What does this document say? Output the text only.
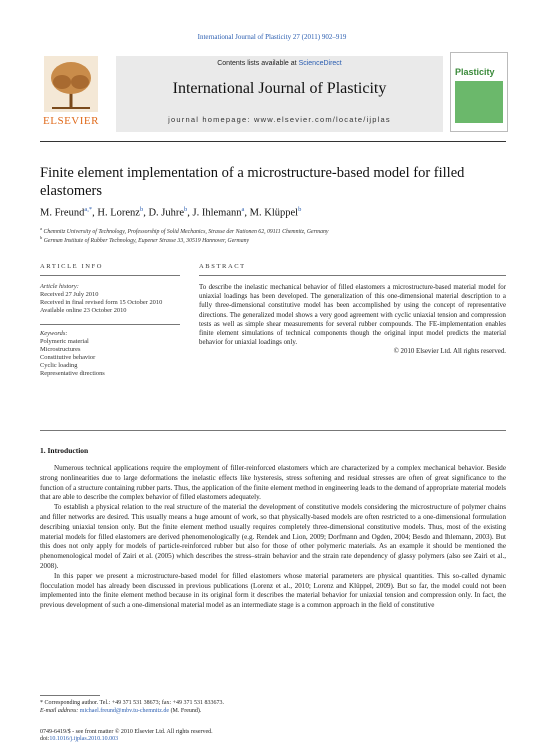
International Journal of Plasticity 27 (2011) 902–919
ELSEVIER
Contents lists available at ScienceDirect
International Journal of Plasticity
journal homepage: www.elsevier.com/locate/ijplas
Plasticity
Finite element implementation of a microstructure-based model for filled elastomers
M. Freund$^{a,*}$, H. Lorenz$^b$, D. Juhre$^b$, J. Ihlemann$^a$, M. Klüppel$^b$
$^a$ Chemnitz University of Technology, Professorship of Solid Mechanics, Strasse der Nationen 62, 09111 Chemnitz, Germany
$^b$ German Institute of Rubber Technology, Eupener Strasse 33, 30519 Hannover, Germany
ARTICLE INFO	ABSTRACT
Article history:
Received 27 July 2010
Received in final revised form 15 October 2010
Available online 23 October 2010
Keywords:
Polymeric material
Microstructures
Constitutive behavior
Cyclic loading
Representative directions
To describe the inelastic mechanical behavior of filled elastomers a microstructure-based material model for uniaxial loadings has been developed. The generalization of this one-dimensional material description to a fully three-dimensional constitutive model has been accomplished by using the concept of representative directions. The generalized model shows a very good agreement with cyclic uniaxial tension and compression tests as well as simple shear measurements for several rubber compounds. The FE-implementation enables finite element simulations of technical components though the original input model predicts the material behavior for uniaxial loadings only.
© 2010 Elsevier Ltd. All rights reserved.
1. Introduction

Numerous technical applications require the employment of filler-reinforced elastomers which are characterized by a complex mechanical behavior. Beside strong nonlinearities due to large deformations the inelastic effects like hysteresis, stress softening and residual stresses are often of great significance to the function of a structure containing rubber parts. Thus, the application of the finite element method in engineering leads to the demand of appropriate material models that are able to describe the complex behavior of filled elastomers adequately.

To establish a physical relation to the real structure of the material the development of constitutive models considering the microstructure of polymer chains and filler networks are desired. This usually means a huge amount of work, so that physically-based models are often restricted to a one-dimensional formulation describing uniaxial tension only. But the finite element method usually requires completely three-dimensional constitutive models. Thus, most of the existing material models for filled elastomers are derived phenomenologically (e.g. Rendek and Lion, 2009; Dorfmann and Ogden, 2004; Besdo and Ihlemann, 2003). But this does not only apply for models of particle-reinforced rubber but also for those of other polymeric materials. As an example it should be mentioned the phenomenological model of Zairi et al. (2005) which describes the stress–strain behavior and the strain rate dependency of glassy polymers (also see Zairi et al., 2008).

In this paper we present a microstructure-based model for filled elastomers whose material parameters are physical quantities. This so-called dynamic flocculation model has already been discussed in previous publications (Lorenz et al., 2010; Lorenz and Klüppel, 2009). But so far, the model could not been implemented into the finite element method because in its original form it describes the material behavior for uniaxial tension and compression only. In fact, the previous development of such a one-dimensional material model as an intermediate stage is a common approach in the field of constitutive

* Corresponding author. Tel.: +49 371 531 38673; fax: +49 371 531 833673.
E-mail address: michael.freund@mbv.tu-chemnitz.de (M. Freund).
0749-6419/$ - see front matter © 2010 Elsevier Ltd. All rights reserved.
doi:10.1016/j.ijplas.2010.10.003
